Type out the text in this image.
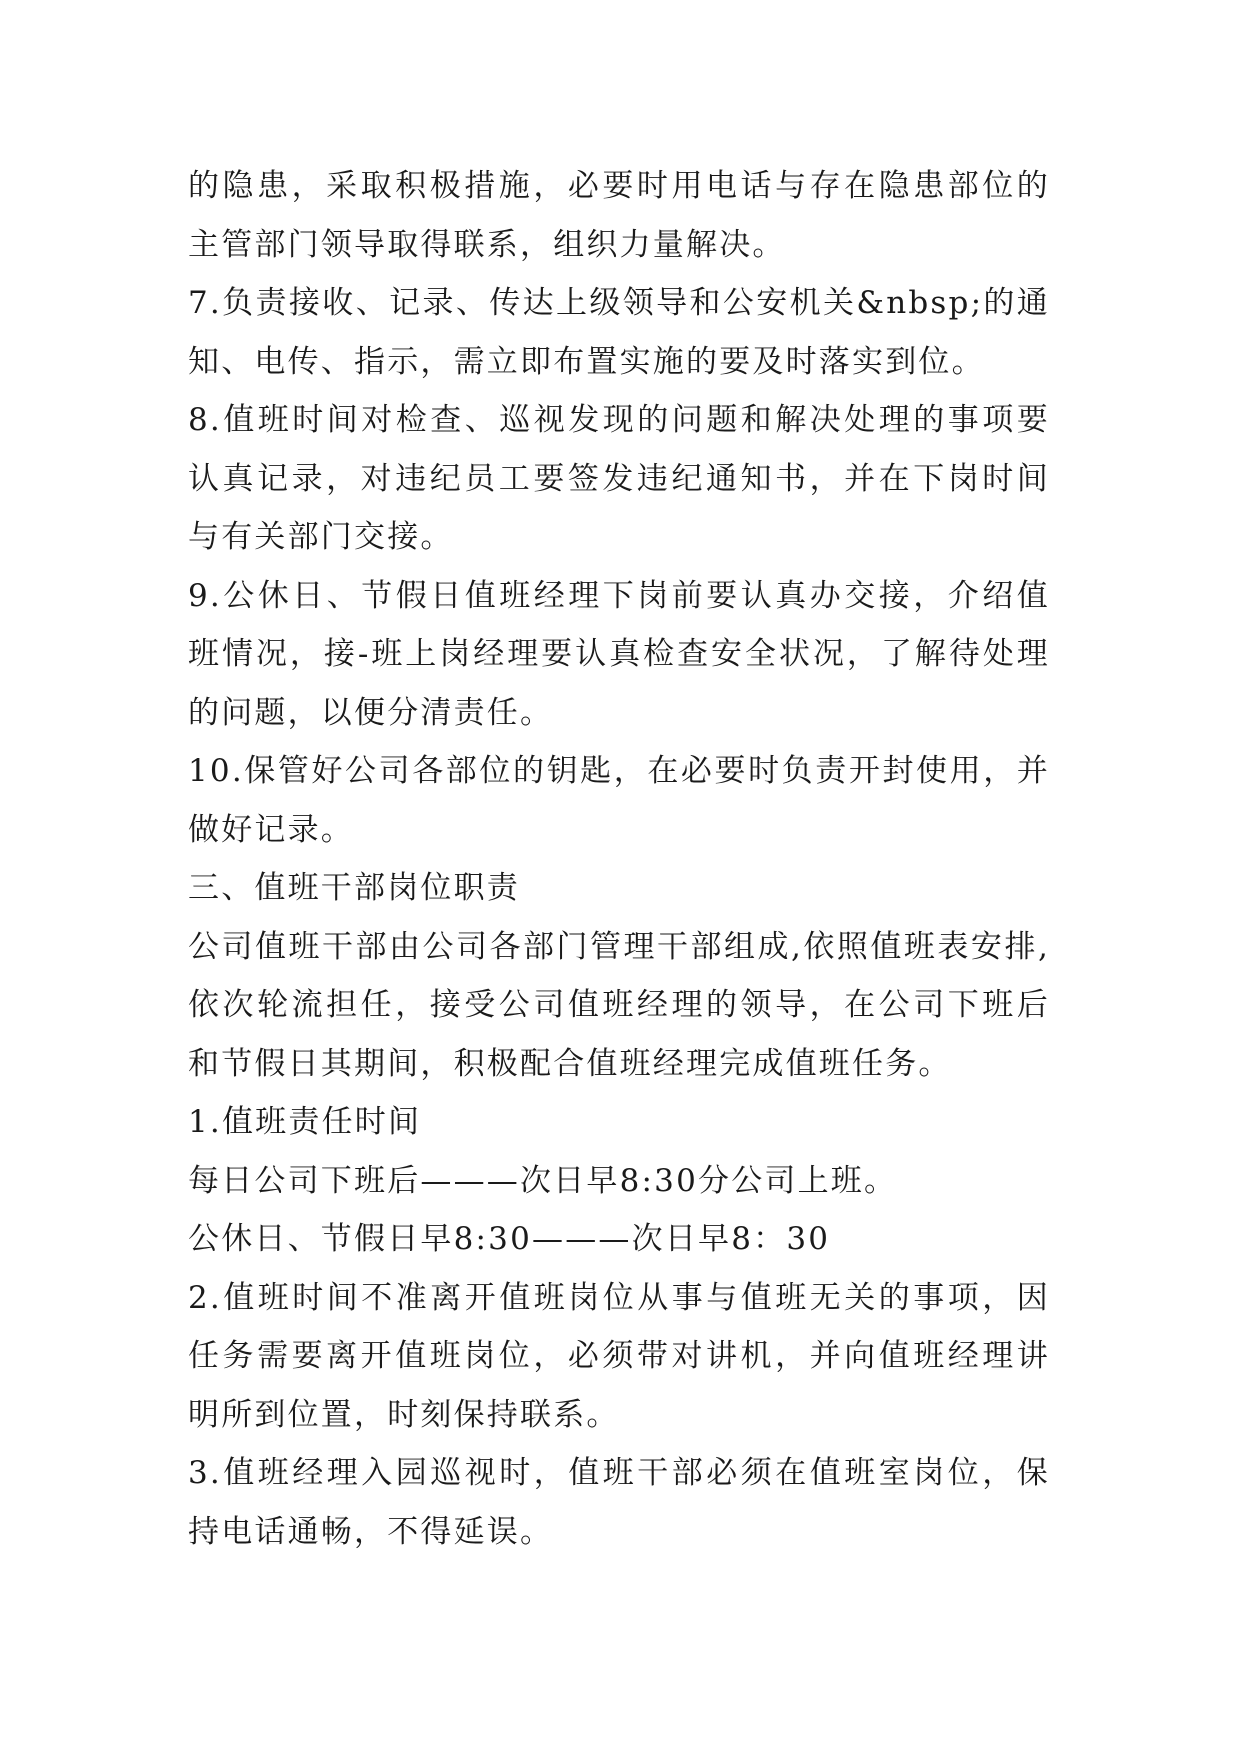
的隐患，采取积极措施，必要时用电话与存在隐患部位的主管部门领导取得联系，组织力量解决。

7.负责接收、记录、传达上级领导和公安机关&nbsp;的通知、电传、指示，需立即布置实施的要及时落实到位。

8.值班时间对检查、巡视发现的问题和解决处理的事项要认真记录，对违纪员工要签发违纪通知书，并在下岗时间与有关部门交接。

9.公休日、节假日值班经理下岗前要认真办交接，介绍值班情况，接-班上岗经理要认真检查安全状况，了解待处理的问题，以便分清责任。

10.保管好公司各部位的钥匙，在必要时负责开封使用，并做好记录。

三、值班干部岗位职责

公司值班干部由公司各部门管理干部组成,依照值班表安排,依次轮流担任，接受公司值班经理的领导，在公司下班后和节假日其期间，积极配合值班经理完成值班任务。

1.值班责任时间

每日公司下班后———次日早8:30分公司上班。

公休日、节假日早8:30———次日早8：30

2.值班时间不准离开值班岗位从事与值班无关的事项，因任务需要离开值班岗位，必须带对讲机，并向值班经理讲明所到位置，时刻保持联系。

3.值班经理入园巡视时，值班干部必须在值班室岗位，保持电话通畅，不得延误。
